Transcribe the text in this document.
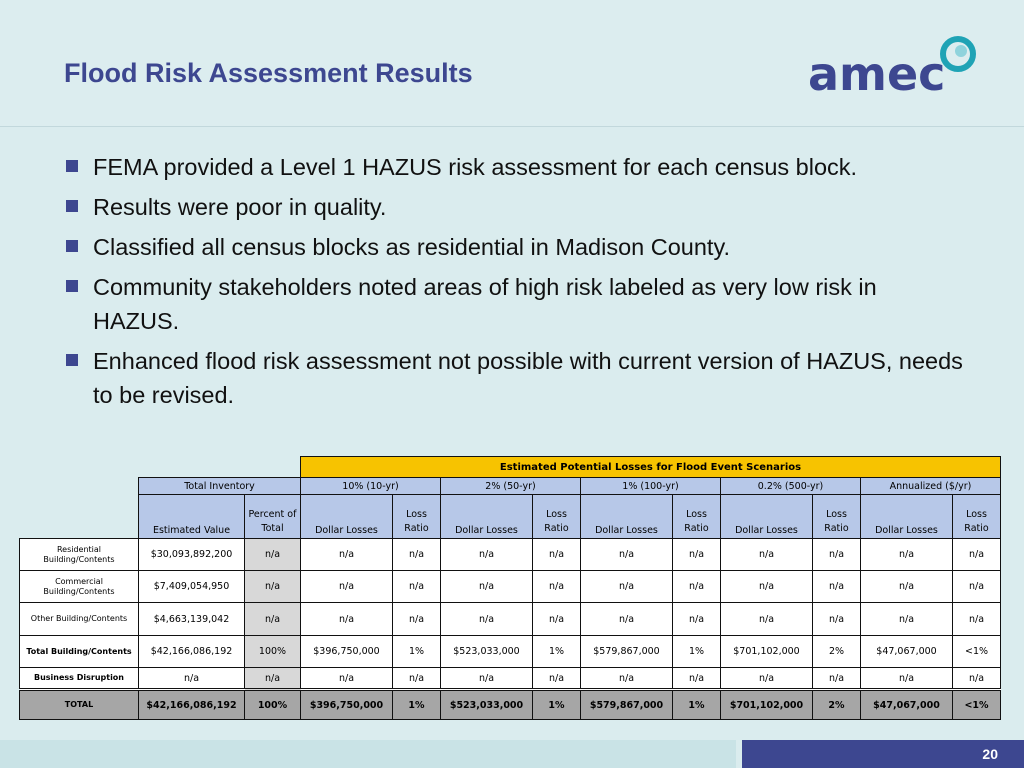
Flood Risk Assessment Results	amec
FEMA provided a Level 1 HAZUS risk assessment for each census block.
Results were poor in quality.
Classified all census blocks as residential in Madison County.
Community stakeholders noted areas of high risk labeled as very low risk in HAZUS.
Enhanced flood risk assessment not possible with current version of HAZUS, needs to be revised.
			Estimated Potential Losses for Flood Event Scenarios									
	Total Inventory		10% (10-yr)		2% (50-yr)		1% (100-yr)		0.2% (500-yr)		Annualized ($/yr)	
	Estimated Value	Percent of Total	Dollar Losses	Loss Ratio	Dollar Losses	Loss Ratio	Dollar Losses	Loss Ratio	Dollar Losses	Loss Ratio	Dollar Losses	Loss Ratio
Residential Building/Contents	$30,093,892,200	n/a	n/a	n/a	n/a	n/a	n/a	n/a	n/a	n/a	n/a	n/a
Commercial Building/Contents	$7,409,054,950	n/a	n/a	n/a	n/a	n/a	n/a	n/a	n/a	n/a	n/a	n/a
Other Building/Contents	$4,663,139,042	n/a	n/a	n/a	n/a	n/a	n/a	n/a	n/a	n/a	n/a	n/a
Total Building/Contents	$42,166,086,192	100%	$396,750,000	1%	$523,033,000	1%	$579,867,000	1%	$701,102,000	2%	$47,067,000	<1%
Business Disruption	n/a	n/a	n/a	n/a	n/a	n/a	n/a	n/a	n/a	n/a	n/a	n/a
TOTAL	$42,166,086,192	100%	$396,750,000	1%	$523,033,000	1%	$579,867,000	1%	$701,102,000	2%	$47,067,000	<1%
20
